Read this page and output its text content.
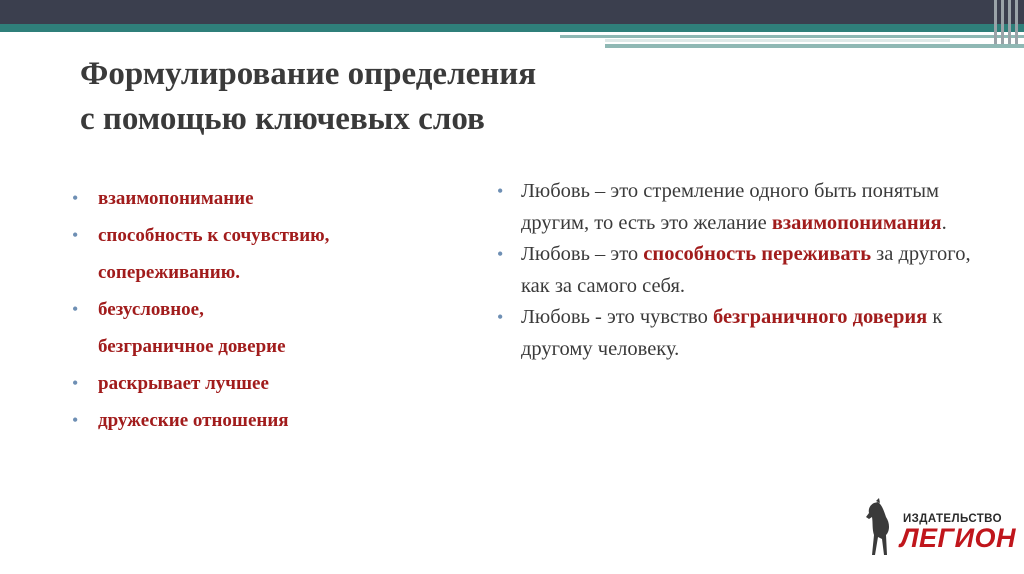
Формулирование определения
с помощью ключевых слов
• взаимопонимание
• способность к сочувствию,
сопереживанию.
• безусловное,
безграничное доверие
• раскрывает лучшее
• дружеские отношения
• Любовь – это стремление одного быть понятым другим, то есть это желание взаимопонимания.
• Любовь – это способность переживать за другого, как за самого себя.
• Любовь - это чувство безграничного доверия к другому человеку.
ИЗДАТЕЛЬСТВО
ЛЕГИОН
